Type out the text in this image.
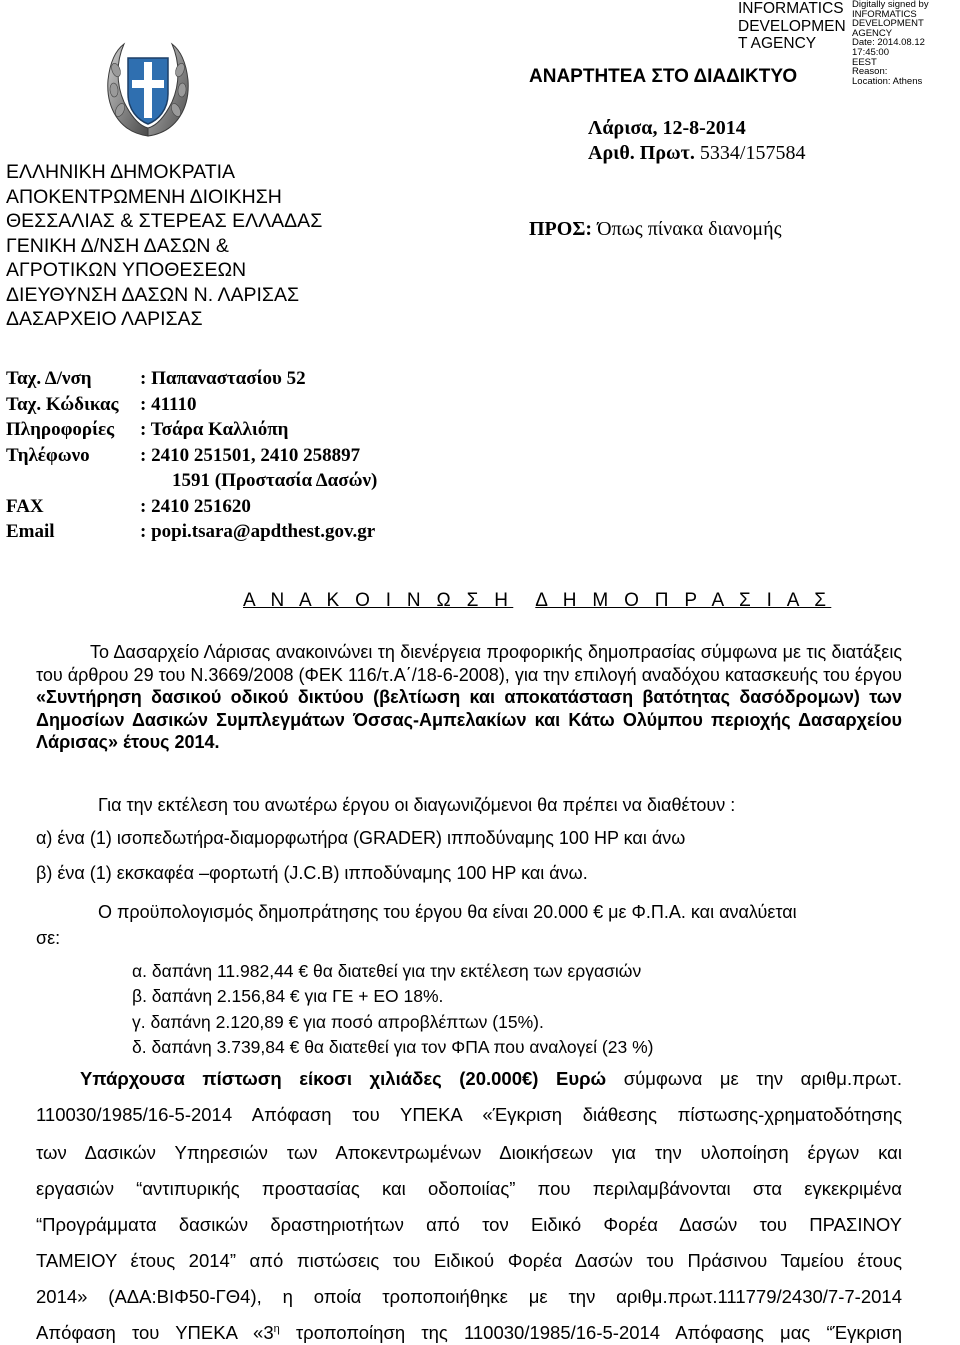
INFORMATICS
DEVELOPMEN
T AGENCY
Digitally signed by
INFORMATICS
DEVELOPMENT AGENCY
Date: 2014.08.12 17:45:00
EEST
Reason:
Location: Athens
ΑΝΑΡΤΗΤΕΑ ΣΤΟ ΔΙΑΔΙΚΤΥΟ
Λάρισα, 12-8-2014
Αριθ. Πρωτ. 5334/157584
ΠΡΟΣ: Όπως πίνακα διανομής
ΕΛΛΗΝΙΚΗ ΔΗΜΟΚΡΑΤΙΑ
ΑΠΟΚΕΝΤΡΩΜΕΝΗ ΔΙΟΙΚΗΣΗ
ΘΕΣΣΑΛΙΑΣ & ΣΤΕΡΕΑΣ ΕΛΛΑΔΑΣ
ΓΕΝΙΚΗ Δ/ΝΣΗ ΔΑΣΩΝ &
ΑΓΡΟΤΙΚΩΝ ΥΠΟΘΕΣΕΩΝ
ΔΙΕΥΘΥΝΣΗ ΔΑΣΩΝ Ν. ΛΑΡΙΣΑΣ
ΔΑΣΑΡΧΕΙΟ ΛΑΡΙΣΑΣ
Ταχ. Δ/νση	: Παπαναστασίου 52
Ταχ. Κώδικας : 41110
Πληροφορίες : Τσάρα Καλλιόπη
Τηλέφωνο	: 2410 251501, 2410 258897
1591 (Προστασία Δασών)
FAX	: 2410 251620
Email	: popi.tsara@apdthest.gov.gr
Α Ν Α Κ Ο Ι Ν Ω Σ Η Δ Η Μ Ο Π Ρ Α Σ Ι Α Σ
Το Δασαρχείο Λάρισας ανακοινώνει τη διενέργεια προφορικής δημοπρασίας σύμφωνα με τις διατάξεις του άρθρου 29 του Ν.3669/2008 (ΦΕΚ 116/τ.Α΄/18-6-2008), για την επιλογή αναδόχου κατασκευής του έργου «Συντήρηση δασικού οδικού δικτύου (βελτίωση και αποκατάσταση βατότητας δασόδρομων) των Δημοσίων Δασικών Συμπλεγμάτων Όσσας-Αμπελακίων και Κάτω Ολύμπου περιοχής Δασαρχείου Λάρισας» έτους 2014.
Για την εκτέλεση του ανωτέρω έργου οι διαγωνιζόμενοι θα πρέπει να διαθέτουν :
α) ένα (1) ισοπεδωτήρα-διαμορφωτήρα (GRADER) ιπποδύναμης 100 HP και άνω
β) ένα (1) εκσκαφέα –φορτωτή (J.C.B) ιπποδύναμης 100 HP και άνω.
Ο προϋπολογισμός δημοπράτησης του έργου θα είναι 20.000 € με Φ.Π.Α. και αναλύεται
σε:
α. δαπάνη 11.982,44 € θα διατεθεί για την εκτέλεση των εργασιών
β. δαπάνη 2.156,84 € για ΓΕ + ΕΟ 18%.
γ. δαπάνη 2.120,89 € για ποσό απροβλέπτων (15%).
δ. δαπάνη 3.739,84 € θα διατεθεί για τον ΦΠΑ που αναλογεί (23 %)
Υπάρχουσα πίστωση είκοσι χιλιάδες (20.000€) Ευρώ σύμφωνα με την αριθμ.πρωτ.
110030/1985/16-5-2014 Απόφαση του ΥΠΕΚΑ «Έγκριση διάθεσης πίστωσης-χρηματοδότησης
των Δασικών Υπηρεσιών των Αποκεντρωμένων Διοικήσεων για την υλοποίηση έργων και
εργασιών “αντιπυρικής προστασίας και οδοποιίας” που περιλαμβάνονται στα εγκεκριμένα
“Προγράμματα δασικών δραστηριοτήτων από τον Ειδικό Φορέα Δασών του ΠΡΑΣΙΝΟΥ
ΤΑΜΕΙΟΥ έτους 2014” από πιστώσεις του Ειδικού Φορέα Δασών του Πράσινου Ταμείου έτους
2014» (ΑΔΑ:ΒΙΦ50-ΓΘ4), η οποία τροποποιήθηκε με την αριθμ.πρωτ.111779/2430/7-7-2014
Απόφαση του ΥΠΕΚΑ «$3^\eta$ τροποποίηση της 110030/1985/16-5-2014 Απόφασης μας “Έγκριση
